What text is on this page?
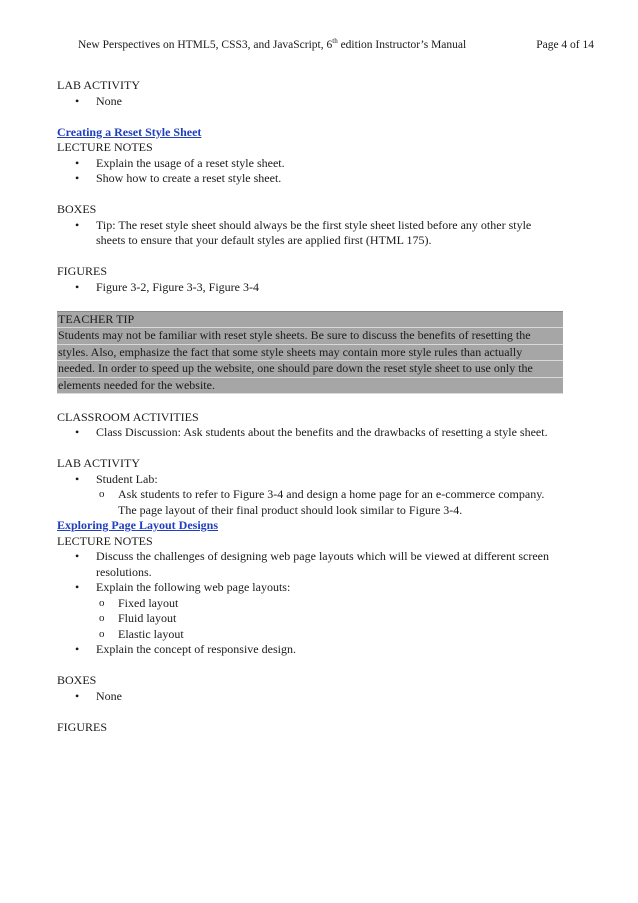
New Perspectives on HTML5, CSS3, and JavaScript, 6th edition Instructor’s Manual	Page 4 of 14

LAB ACTIVITY

• None

Creating a Reset Style Sheet

LECTURE NOTES

• Explain the usage of a reset style sheet.
• Show how to create a reset style sheet.

BOXES

• Tip: The reset style sheet should always be the first style sheet listed before any other style sheets to ensure that your default styles are applied first (HTML 175).

FIGURES

• Figure 3-2, Figure 3-3, Figure 3-4
TEACHER TIP
Students may not be familiar with reset style sheets. Be sure to discuss the benefits of resetting the
styles. Also, emphasize the fact that some style sheets may contain more style rules than actually
needed. In order to speed up the website, one should pare down the reset style sheet to use only the
elements needed for the website.

CLASSROOM ACTIVITIES

• Class Discussion: Ask students about the benefits and the drawbacks of resetting a style sheet.

LAB ACTIVITY

• Student Lab:
o Ask students to refer to Figure 3-4 and design a home page for an e-commerce company. The page layout of their final product should look similar to Figure 3-4.

Exploring Page Layout Designs

LECTURE NOTES

• Discuss the challenges of designing web page layouts which will be viewed at different screen resolutions.
• Explain the following web page layouts:
o Fixed layout
o Fluid layout
o Elastic layout
• Explain the concept of responsive design.

BOXES

• None

FIGURES
